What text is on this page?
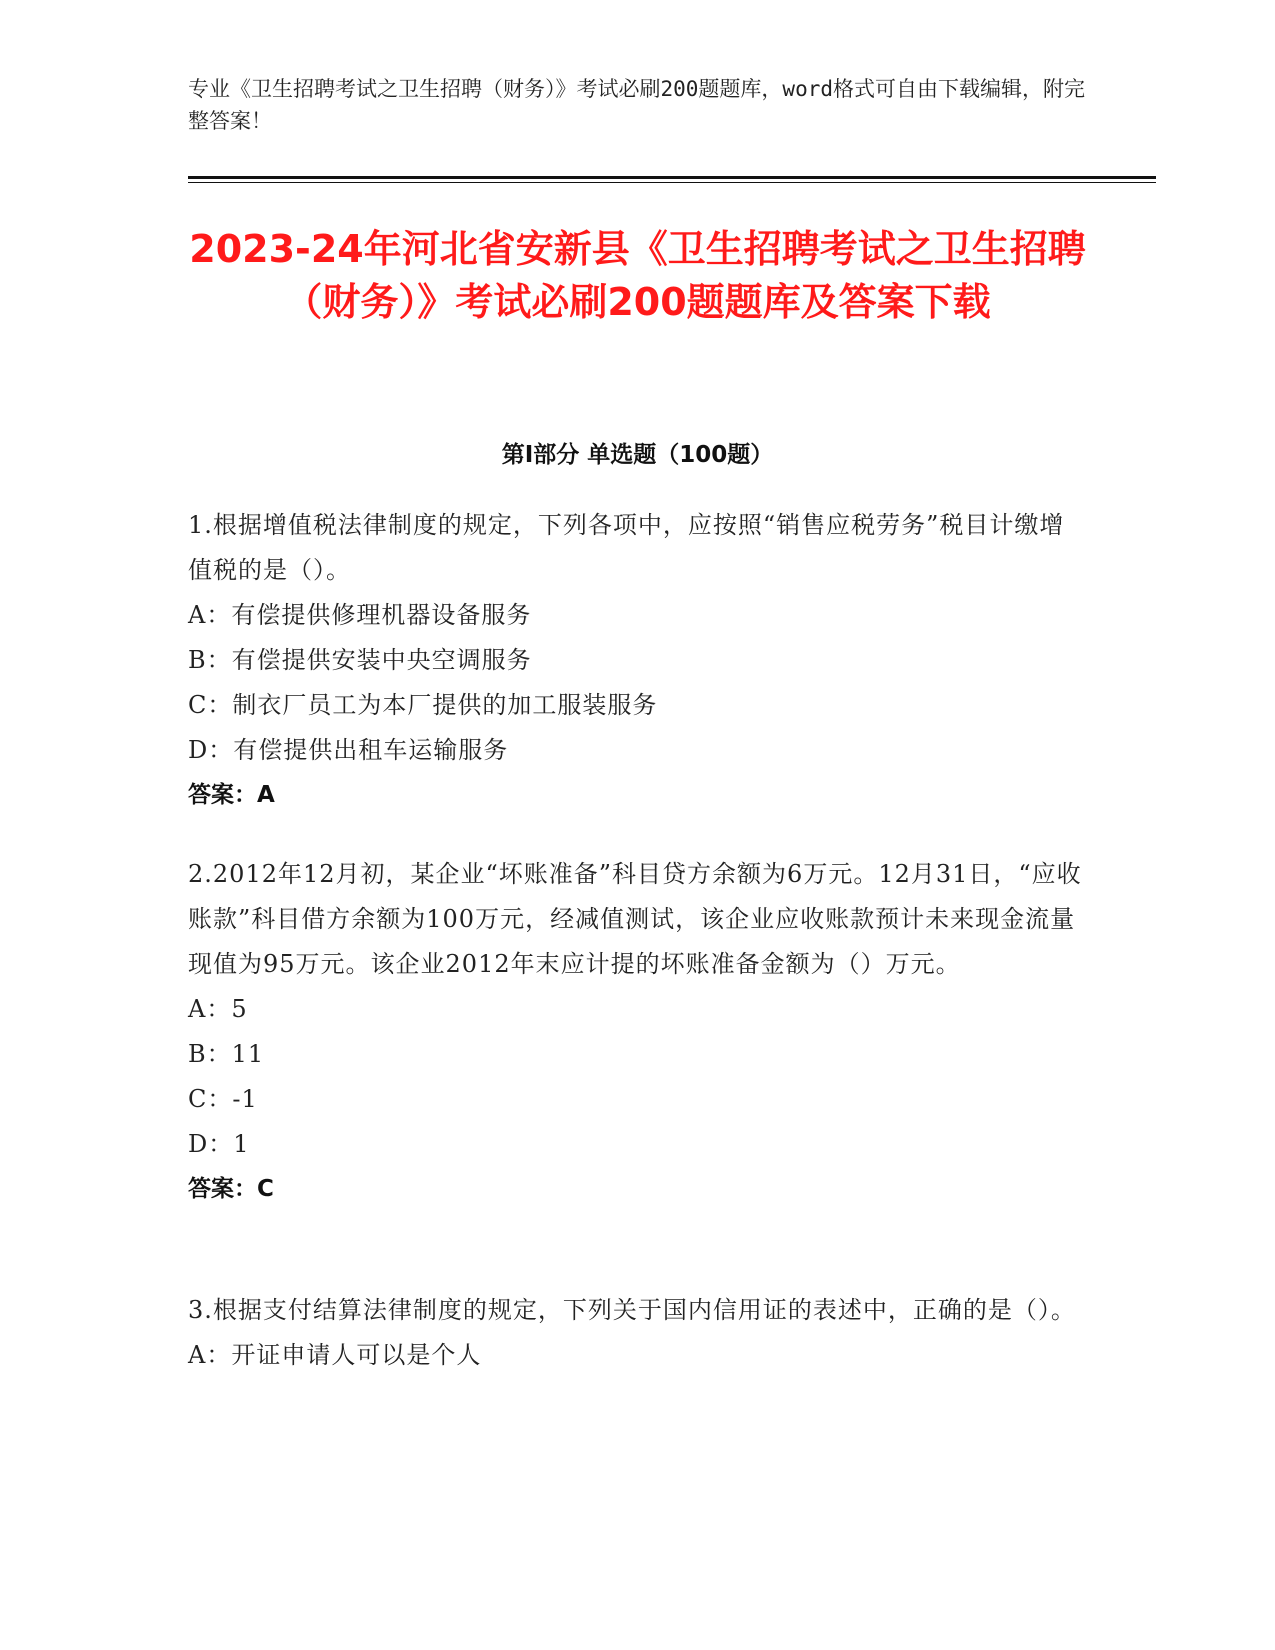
专业《卫生招聘考试之卫生招聘（财务）》考试必刷200题题库，word格式可自由下载编辑，附完整答案！
2023-24年河北省安新县《卫生招聘考试之卫生招聘（财务）》考试必刷200题题库及答案下载
第Ⅰ部分 单选题（100题）
1.根据增值税法律制度的规定，下列各项中，应按照“销售应税劳务”税目计缴增值税的是（）。
A：有偿提供修理机器设备服务
B：有偿提供安装中央空调服务
C：制衣厂员工为本厂提供的加工服装服务
D：有偿提供出租车运输服务
答案：A
2.2012年12月初，某企业“坏账准备”科目贷方余额为6万元。12月31日，“应收账款”科目借方余额为100万元，经减值测试，该企业应收账款预计未来现金流量现值为95万元。该企业2012年末应计提的坏账准备金额为（）万元。
A：5
B：11
C：-1
D：1
答案：C
3.根据支付结算法律制度的规定，下列关于国内信用证的表述中，正确的是（）。
A：开证申请人可以是个人
